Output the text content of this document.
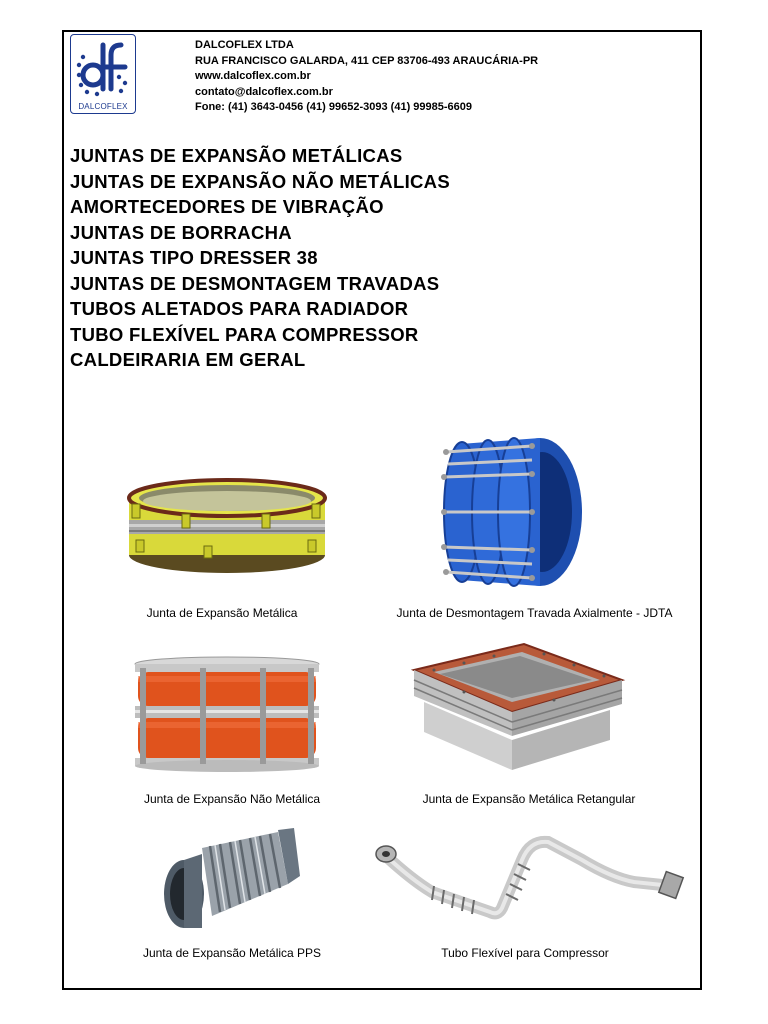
DALCOFLEX
DALCOFLEX LTDA
RUA FRANCISCO GALARDA, 411 CEP 83706-493 ARAUCÁRIA-PR
www.dalcoflex.com.br
contato@dalcoflex.com.br
Fone: (41) 3643-0456 (41) 99652-3093 (41) 99985-6609
JUNTAS DE EXPANSÃO METÁLICAS
JUNTAS DE EXPANSÃO NÃO METÁLICAS
AMORTECEDORES DE VIBRAÇÃO
JUNTAS DE BORRACHA
JUNTAS TIPO DRESSER 38
JUNTAS DE DESMONTAGEM TRAVADAS
TUBOS ALETADOS PARA RADIADOR
TUBO FLEXÍVEL PARA COMPRESSOR
CALDEIRARIA EM GERAL
Junta de Expansão Metálica	Junta de Desmontagem Travada Axialmente - JDTA
Junta de Expansão Não Metálica	Junta de Expansão Metálica Retangular
Junta de Expansão Metálica PPS	Tubo Flexível para Compressor
